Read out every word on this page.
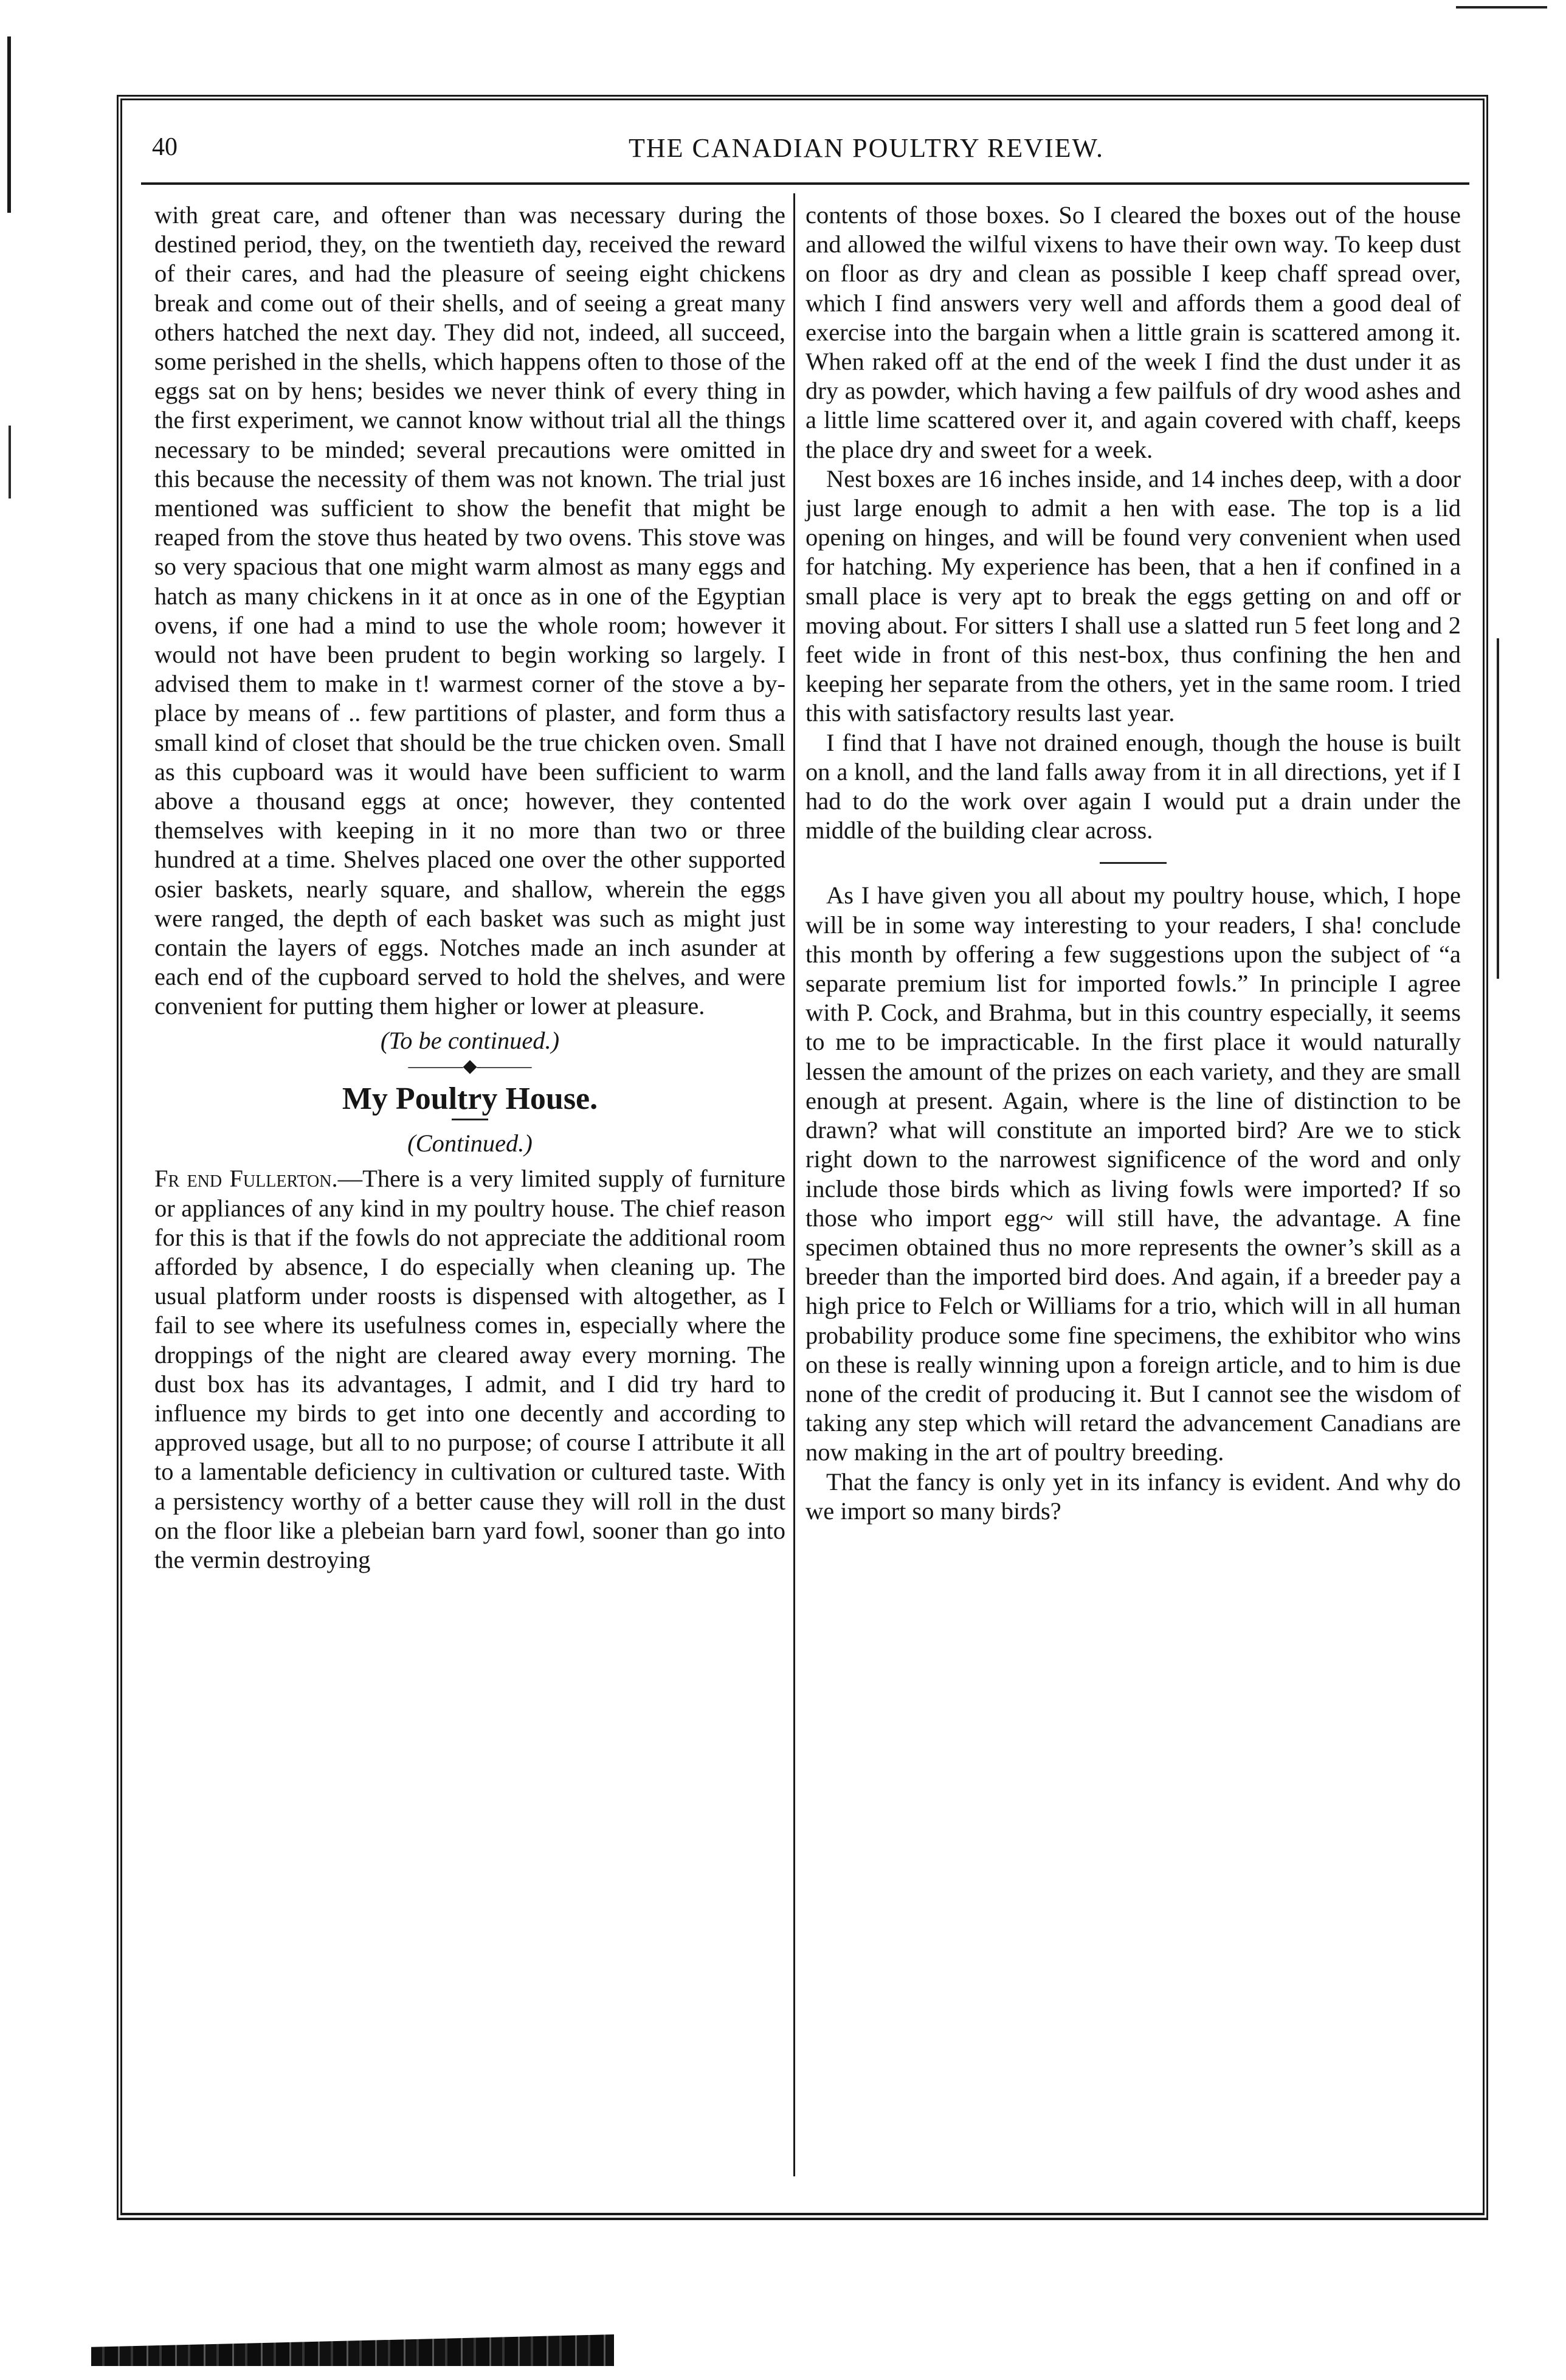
40	THE CANADIAN POULTRY REVIEW.

with great care, and oftener than was necessary during the destined period, they, on the twentieth day, received the reward of their cares, and had the pleasure of seeing eight chickens break and come out of their shells, and of seeing a great many others hatched the next day. They did not, indeed, all succeed, some perished in the shells, which happens often to those of the eggs sat on by hens; besides we never think of every thing in the first experiment, we cannot know without trial all the things necessary to be minded; several precautions were omitted in this because the necessity of them was not known. The trial just mentioned was sufficient to show the benefit that might be reaped from the stove thus heated by two ovens. This stove was so very spacious that one might warm almost as many eggs and hatch as many chickens in it at once as in one of the Egyptian ovens, if one had a mind to use the whole room; however it would not have been prudent to begin working so largely. I advised them to make in t! warmest corner of the stove a by-place by means of .. few partitions of plaster, and form thus a small kind of closet that should be the true chicken oven. Small as this cupboard was it would have been sufficient to warm above a thousand eggs at once; however, they contented themselves with keeping in it no more than two or three hundred at a time. Shelves placed one over the other supported osier baskets, nearly square, and shallow, wherein the eggs were ranged, the depth of each basket was such as might just contain the layers of eggs. Notches made an inch asunder at each end of the cupboard served to hold the shelves, and were convenient for putting them higher or lower at pleasure.

(To be continued.)

———◆———

My Poultry House.

(Continued.)

Fr end Fullerton.—There is a very limited supply of furniture or appliances of any kind in my poultry house. The chief reason for this is that if the fowls do not appreciate the additional room afforded by absence, I do especially when cleaning up. The usual platform under roosts is dispensed with altogether, as I fail to see where its usefulness comes in, especially where the droppings of the night are cleared away every morning. The dust box has its advantages, I admit, and I did try hard to influence my birds to get into one decently and according to approved usage, but all to no purpose; of course I attribute it all to a lamentable deficiency in cultivation or cultured taste. With a persistency worthy of a better cause they will roll in the dust on the floor like a plebeian barn yard fowl, sooner than go into the vermin destroying

contents of those boxes. So I cleared the boxes out of the house and allowed the wilful vixens to have their own way. To keep dust on floor as dry and clean as possible I keep chaff spread over, which I find answers very well and affords them a good deal of exercise into the bargain when a little grain is scattered among it. When raked off at the end of the week I find the dust under it as dry as powder, which having a few pailfuls of dry wood ashes and a little lime scattered over it, and again covered with chaff, keeps the place dry and sweet for a week.

Nest boxes are 16 inches inside, and 14 inches deep, with a door just large enough to admit a hen with ease. The top is a lid opening on hinges, and will be found very convenient when used for hatching. My experience has been, that a hen if confined in a small place is very apt to break the eggs getting on and off or moving about. For sitters I shall use a slatted run 5 feet long and 2 feet wide in front of this nest-box, thus confining the hen and keeping her separate from the others, yet in the same room. I tried this with satisfactory results last year.

I find that I have not drained enough, though the house is built on a knoll, and the land falls away from it in all directions, yet if I had to do the work over again I would put a drain under the middle of the building clear across.

As I have given you all about my poultry house, which, I hope will be in some way interesting to your readers, I sha! conclude this month by offering a few suggestions upon the subject of “a separate premium list for imported fowls.” In principle I agree with P. Cock, and Brahma, but in this country especially, it seems to me to be impracticable. In the first place it would naturally lessen the amount of the prizes on each variety, and they are small enough at present. Again, where is the line of distinction to be drawn? what will constitute an imported bird? Are we to stick right down to the narrowest significence of the word and only include those birds which as living fowls were imported? If so those who import egg~ will still have, the advantage. A fine specimen obtained thus no more represents the owner’s skill as a breeder than the imported bird does. And again, if a breeder pay a high price to Felch or Williams for a trio, which will in all human probability produce some fine specimens, the exhibitor who wins on these is really winning upon a foreign article, and to him is due none of the credit of producing it. But I cannot see the wisdom of taking any step which will retard the advancement Canadians are now making in the art of poultry breeding.

That the fancy is only yet in its infancy is evident. And why do we import so many birds?
